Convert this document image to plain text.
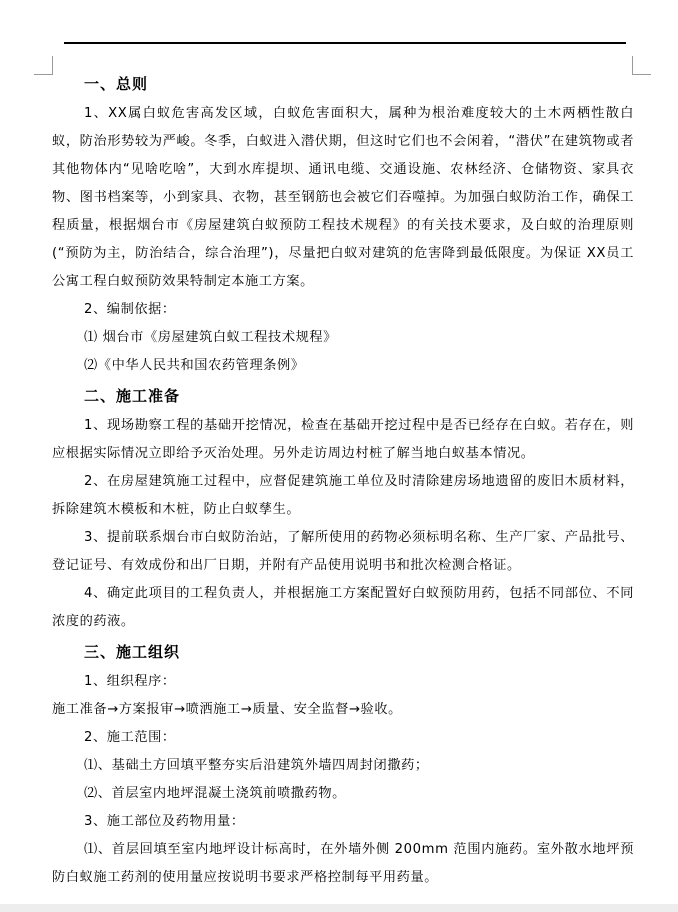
一、总则

1、XX属白蚁危害高发区域，白蚁危害面积大，属种为根治难度较大的土木两栖性散白蚁，防治形势较为严峻。冬季，白蚁进入潜伏期，但这时它们也不会闲着，“潜伏”在建筑物或者其他物体内“见啥吃啥”，大到水库提坝、通讯电缆、交通设施、农林经济、仓储物资、家具衣物、图书档案等，小到家具、衣物，甚至钢筋也会被它们吞噬掉。为加强白蚁防治工作，确保工程质量，根据烟台市《房屋建筑白蚁预防工程技术规程》的有关技术要求，及白蚁的治理原则(“预防为主，防治结合，综合治理”)，尽量把白蚁对建筑的危害降到最低限度。为保证 XX员工公寓工程白蚁预防效果特制定本施工方案。

2、编制依据：
⑴ 烟台市《房屋建筑白蚁工程技术规程》
⑵《中华人民共和国农药管理条例》
二、施工准备

1、现场勘察工程的基础开挖情况，检查在基础开挖过程中是否已经存在白蚁。若存在，则应根据实际情况立即给予灭治处理。另外走访周边村桩了解当地白蚁基本情况。

2、在房屋建筑施工过程中，应督促建筑施工单位及时清除建房场地遗留的废旧木质材料，拆除建筑木模板和木桩，防止白蚁孳生。

3、提前联系烟台市白蚁防治站，了解所使用的药物必须标明名称、生产厂家、产品批号、登记证号、有效成份和出厂日期，并附有产品使用说明书和批次检测合格证。

4、确定此项目的工程负责人，并根据施工方案配置好白蚁预防用药，包括不同部位、不同浓度的药液。

三、施工组织
1、组织程序：
施工准备→方案报审→喷洒施工→质量、安全监督→验收。
2、施工范围：
⑴、基础土方回填平整夯实后沿建筑外墙四周封闭撒药；
⑵、首层室内地坪混凝土浇筑前喷撒药物。
3、施工部位及药物用量：

⑴、首层回填至室内地坪设计标高时，在外墙外侧 200mm 范围内施药。室外散水地坪预防白蚁施工药剂的使用量应按说明书要求严格控制每平用药量。
